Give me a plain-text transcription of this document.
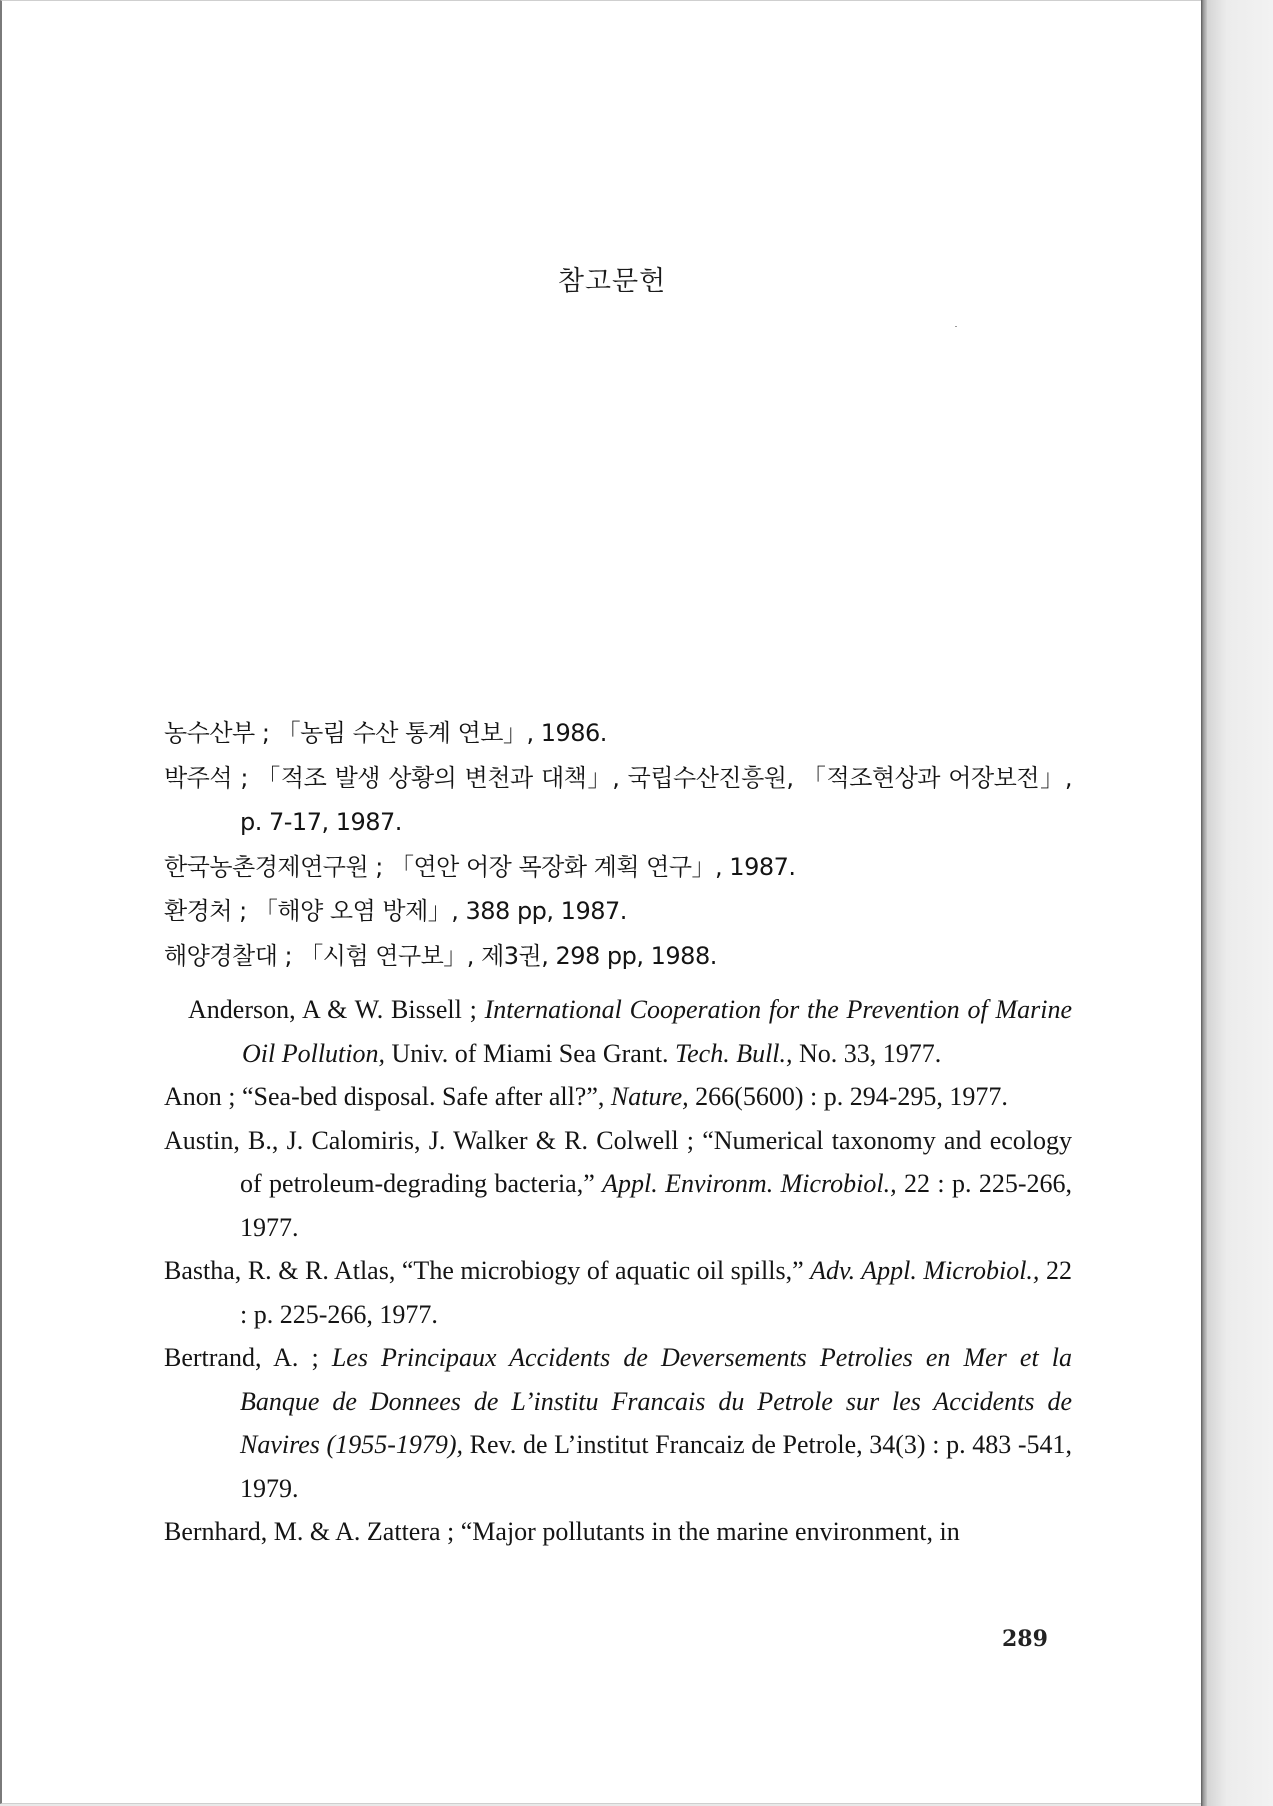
참고문헌

농수산부 ; 「농림 수산 통계 연보」, 1986.

박주석 ; 「적조 발생 상황의 변천과 대책」, 국립수산진흥원, 「적조현상과 어장보전」, p. 7-17, 1987.

한국농촌경제연구원 ; 「연안 어장 목장화 계획 연구」, 1987.

환경처 ; 「해양 오염 방제」, 388 pp, 1987.

해양경찰대 ; 「시험 연구보」, 제3권, 298 pp, 1988.

Anderson, A & W. Bissell ; International Cooperation for the Prevention of Marine Oil Pollution, Univ. of Miami Sea Grant. Tech. Bull., No. 33, 1977.

Anon ; “Sea-bed disposal. Safe after all?”, Nature, 266(5600) : p. 294-295, 1977.

Austin, B., J. Calomiris, J. Walker & R. Colwell ; “Numerical taxonomy and ecology of petroleum-degrading bacteria,” Appl. Environm. Microbiol., 22 : p. 225-266, 1977.

Bastha, R. & R. Atlas, “The microbiogy of aquatic oil spills,” Adv. Appl. Microbiol., 22 : p. 225-266, 1977.

Bertrand, A. ; Les Principaux Accidents de Deversements Petrolies en Mer et la Banque de Donnees de L’institu Francais du Petrole sur les Accidents de Navires (1955-1979), Rev. de L’institut Francaiz de Petrole, 34(3) : p. 483 -541, 1979.

Bernhard, M. & A. Zattera ; “Major pollutants in the marine environment, in

289
